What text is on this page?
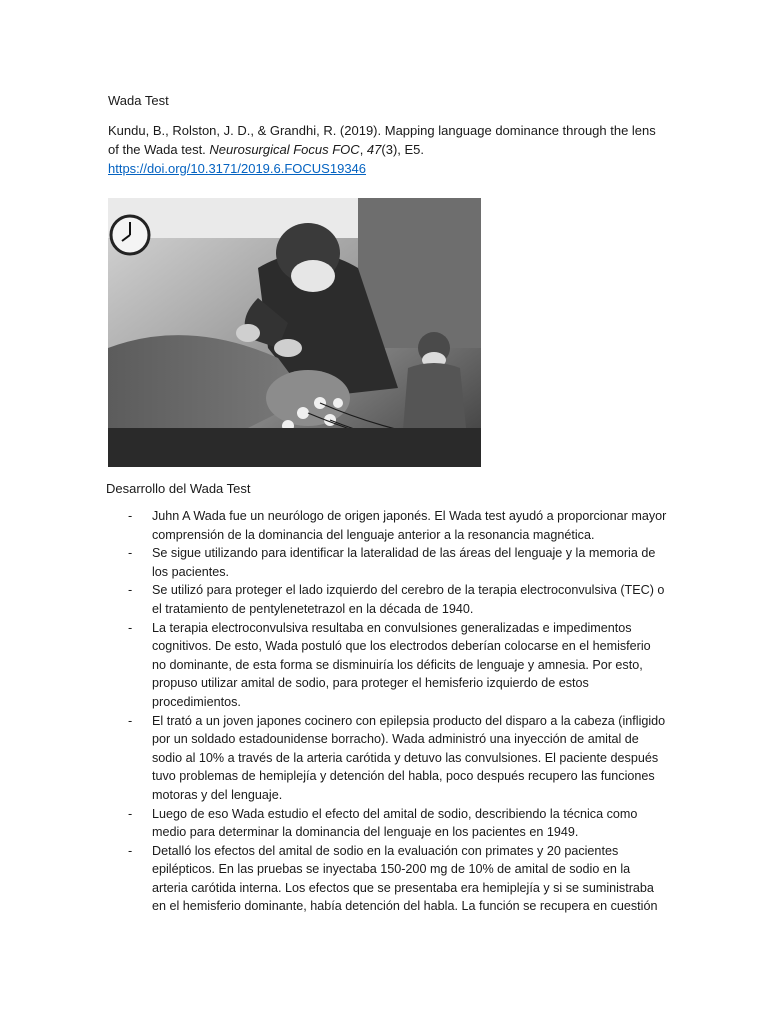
Wada Test
Kundu, B., Rolston, J. D., & Grandhi, R. (2019). Mapping language dominance through the lens of the Wada test. Neurosurgical Focus FOC, 47(3), E5. https://doi.org/10.3171/2019.6.FOCUS19346
Desarrollo del Wada Test
- Juhn A Wada fue un neurólogo de origen japonés. El Wada test ayudó a proporcionar mayor comprensión de la dominancia del lenguaje anterior a la resonancia magnética.
- Se sigue utilizando para identificar la lateralidad de las áreas del lenguaje y la memoria de los pacientes.
- Se utilizó para proteger el lado izquierdo del cerebro de la terapia electroconvulsiva (TEC) o el tratamiento de pentylenetetrazol en la década de 1940.
- La terapia electroconvulsiva resultaba en convulsiones generalizadas e impedimentos cognitivos. De esto, Wada postuló que los electrodos deberían colocarse en el hemisferio no dominante, de esta forma se disminuiría los déficits de lenguaje y amnesia. Por esto, propuso utilizar amital de sodio, para proteger el hemisferio izquierdo de estos procedimientos.
- El trató a un joven japones cocinero con epilepsia producto del disparo a la cabeza (infligido por un soldado estadounidense borracho). Wada administró una inyección de amital de sodio al 10% a través de la arteria carótida y detuvo las convulsiones. El paciente después tuvo problemas de hemiplejía y detención del habla, poco después recupero las funciones motoras y del lenguaje.
- Luego de eso Wada estudio el efecto del amital de sodio, describiendo la técnica como medio para determinar la dominancia del lenguaje en los pacientes en 1949.
- Detalló los efectos del amital de sodio en la evaluación con primates y 20 pacientes epilépticos. En las pruebas se inyectaba 150-200 mg de 10% de amital de sodio en la arteria carótida interna. Los efectos que se presentaba era hemiplejía y si se suministraba en el hemisferio dominante, había detención del habla. La función se recupera en cuestión
